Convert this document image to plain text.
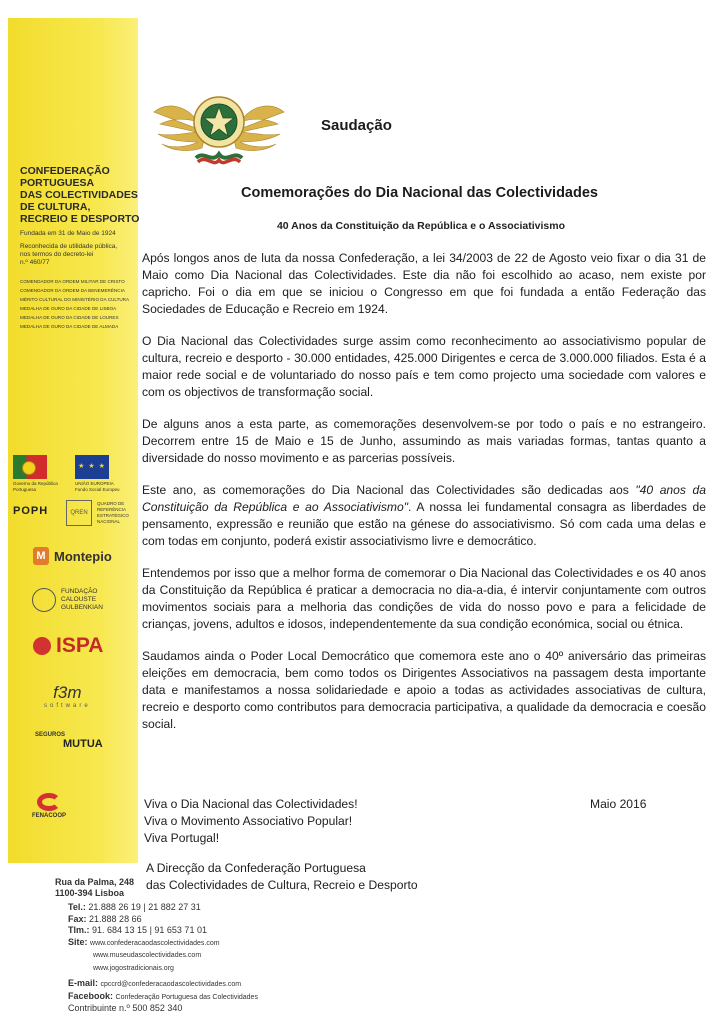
CONFEDERAÇÃO
PORTUGUESA
DAS COLECTIVIDADES
DE CULTURA,
RECREIO E DESPORTO
Fundada em 31 de Maio de 1924
Reconhecida de utilidade pública,
nos termos do decreto-lei
n.º 460/77
COMENDADOR DA ORDEM MILITAR DE CRISTO
COMENDADOR DA ORDEM DA BENEMERÊNCIA
MÉRITO CULTURAL DO MINISTÉRIO DA CULTURA
MEDALHA DE OURO DA CIDADE DE LISBOA
MEDALHA DE OURO DA CIDADE DE LOURES
MEDALHA DE OURO DA CIDADE DE ALMADA
Governo da República Portuguesa
★ ★ ★
UNIÃO EUROPEIA Fundo Social Europeu
POPH	QREN
QUADRO DE REFERÊNCIA ESTRATÉGICO NACIONAL
M Montepio
FUNDAÇÃO
CALOUSTE
GULBENKIAN
ISPA
f3m
software
SEGUROS
MUTUA
FENACOOP
Saudação
Comemorações do Dia Nacional das Colectividades
40 Anos da Constituição da República e o Associativismo

Após longos anos de luta da nossa Confederação, a lei 34/2003 de 22 de Agosto veio fixar o dia 31 de Maio como Dia Nacional das Colectividades. Este dia não foi escolhido ao acaso, nem existe por capricho. Foi o dia em que se iniciou o Congresso em que foi fundada a então Federação das Sociedades de Educação e Recreio em 1924.

O Dia Nacional das Colectividades surge assim como reconhecimento ao associativismo popular de cultura, recreio e desporto - 30.000 entidades, 425.000 Dirigentes e cerca de 3.000.000 filiados. Esta é a maior rede social e de voluntariado do nosso país e tem como projecto uma sociedade com valores e com os objectivos de transformação social.

De alguns anos a esta parte, as comemorações desenvolvem-se por todo o país e no estrangeiro. Decorrem entre 15 de Maio e 15 de Junho, assumindo as mais variadas formas, tantas quanto a diversidade do nosso movimento e as parcerias possíveis.

Este ano, as comemorações do Dia Nacional das Colectividades são dedicadas aos "40 anos da Constituição da República e ao Associativismo". A nossa lei fundamental consagra as liberdades de pensamento, expressão e reunião que estão na génese do associativismo. Só com cada uma delas e com todas em conjunto, poderá existir associativismo livre e democrático.

Entendemos por isso que a melhor forma de comemorar o Dia Nacional das Colectividades e os 40 anos da Constituição da República é praticar a democracia no dia-a-dia, é intervir conjuntamente com outros movimentos sociais para a melhoria das condições de vida do nosso povo e para a felicidade de crianças, jovens, adultos e idosos, independentemente da sua condição económica, social ou étnica.

Saudamos ainda o Poder Local Democrático que comemora este ano o 40º aniversário das primeiras eleições em democracia, bem como todos os Dirigentes Associativos na passagem desta importante data e manifestamos a nossa solidariedade e apoio a todas as actividades associativas de cultura, recreio e desporto como contributos para democracia participativa, a qualidade da democracia e coesão social.

Viva o Dia Nacional das Colectividades!
Viva o Movimento Associativo Popular!
Viva Portugal!
Maio 2016
A Direcção da Confederação Portuguesa
das Colectividades de Cultura, Recreio e Desporto
Rua da Palma, 248
1100-394 Lisboa
Tel.: 21.888 26 19 | 21 882 27 31
Fax: 21.888 28 66
Tlm.: 91. 684 13 15 | 91 653 71 01
Site: www.confederacaodascolectividades.com
www.museudascolectividades.com
www.jogostradicionais.org
E-mail: cpccrd@confederacaodascolectividades.com
Facebook: Confederação Portuguesa das Colectividades
Contribuinte n.º 500 852 340
